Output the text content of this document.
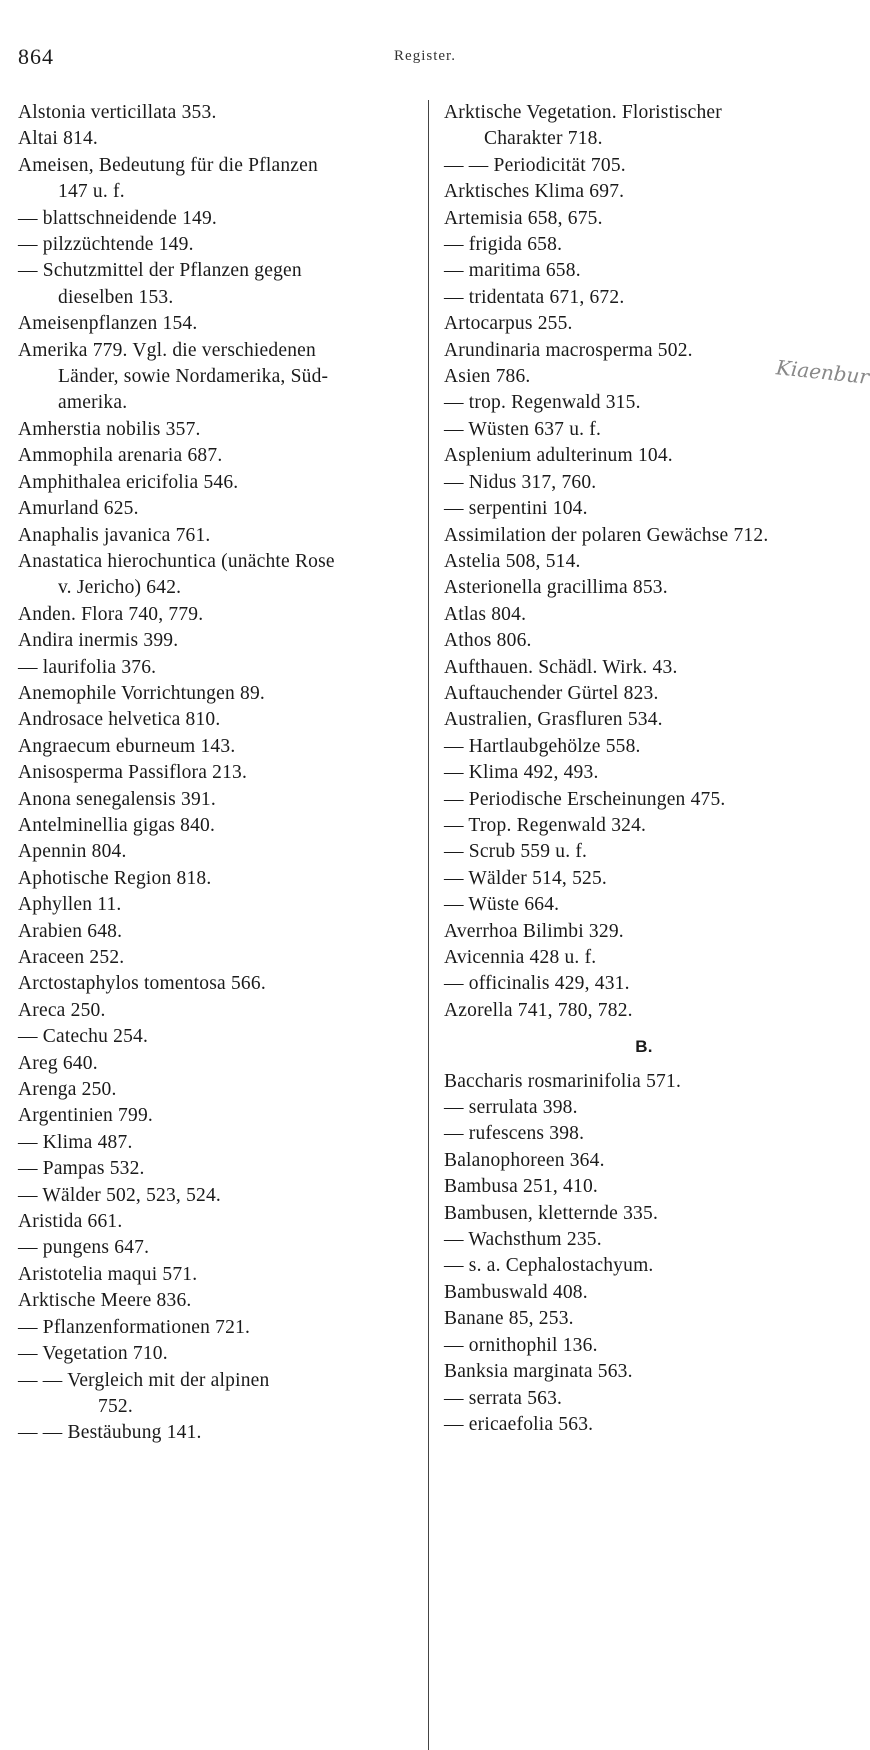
864	Register.
Alstonia verticillata 353.
Altai 814.
Ameisen, Bedeutung für die Pflanzen
147 u. f.
— blattschneidende 149.
— pilzzüchtende 149.
— Schutzmittel der Pflanzen gegen
dieselben 153.
Ameisenpflanzen 154.
Amerika 779. Vgl. die verschiedenen
Länder, sowie Nordamerika, Süd-
amerika.
Amherstia nobilis 357.
Ammophila arenaria 687.
Amphithalea ericifolia 546.
Amurland 625.
Anaphalis javanica 761.
Anastatica hierochuntica (unächte Rose
v. Jericho) 642.
Anden. Flora 740, 779.
Andira inermis 399.
— laurifolia 376.
Anemophile Vorrichtungen 89.
Androsace helvetica 810.
Angraecum eburneum 143.
Anisosperma Passiflora 213.
Anona senegalensis 391.
Antelminellia gigas 840.
Apennin 804.
Aphotische Region 818.
Aphyllen 11.
Arabien 648.
Araceen 252.
Arctostaphylos tomentosa 566.
Areca 250.
— Catechu 254.
Areg 640.
Arenga 250.
Argentinien 799.
— Klima 487.
— Pampas 532.
— Wälder 502, 523, 524.
Aristida 661.
— pungens 647.
Aristotelia maqui 571.
Arktische Meere 836.
— Pflanzenformationen 721.
— Vegetation 710.
— — Vergleich mit der alpinen
752.
— — Bestäubung 141.
Arktische Vegetation. Floristischer
Charakter 718.
— — Periodicität 705.
Arktisches Klima 697.
Artemisia 658, 675.
— frigida 658.
— maritima 658.
— tridentata 671, 672.
Artocarpus 255.
Arundinaria macrosperma 502.
Asien 786.
— trop. Regenwald 315.
— Wüsten 637 u. f.
Asplenium adulterinum 104.
— Nidus 317, 760.
— serpentini 104.
Assimilation der polaren Gewächse 712.
Astelia 508, 514.
Asterionella gracillima 853.
Atlas 804.
Athos 806.
Aufthauen. Schädl. Wirk. 43.
Auftauchender Gürtel 823.
Australien, Grasfluren 534.
— Hartlaubgehölze 558.
— Klima 492, 493.
— Periodische Erscheinungen 475.
— Trop. Regenwald 324.
— Scrub 559 u. f.
— Wälder 514, 525.
— Wüste 664.
Averrhoa Bilimbi 329.
Avicennia 428 u. f.
— officinalis 429, 431.
Azorella 741, 780, 782.
B.
Baccharis rosmarinifolia 571.
— serrulata 398.
— rufescens 398.
Balanophoreen 364.
Bambusa 251, 410.
Bambusen, kletternde 335.
— Wachsthum 235.
— s. a. Cephalostachyum.
Bambuswald 408.
Banane 85, 253.
— ornithophil 136.
Banksia marginata 563.
— serrata 563.
— ericaefolia 563.
Kiaenbur
